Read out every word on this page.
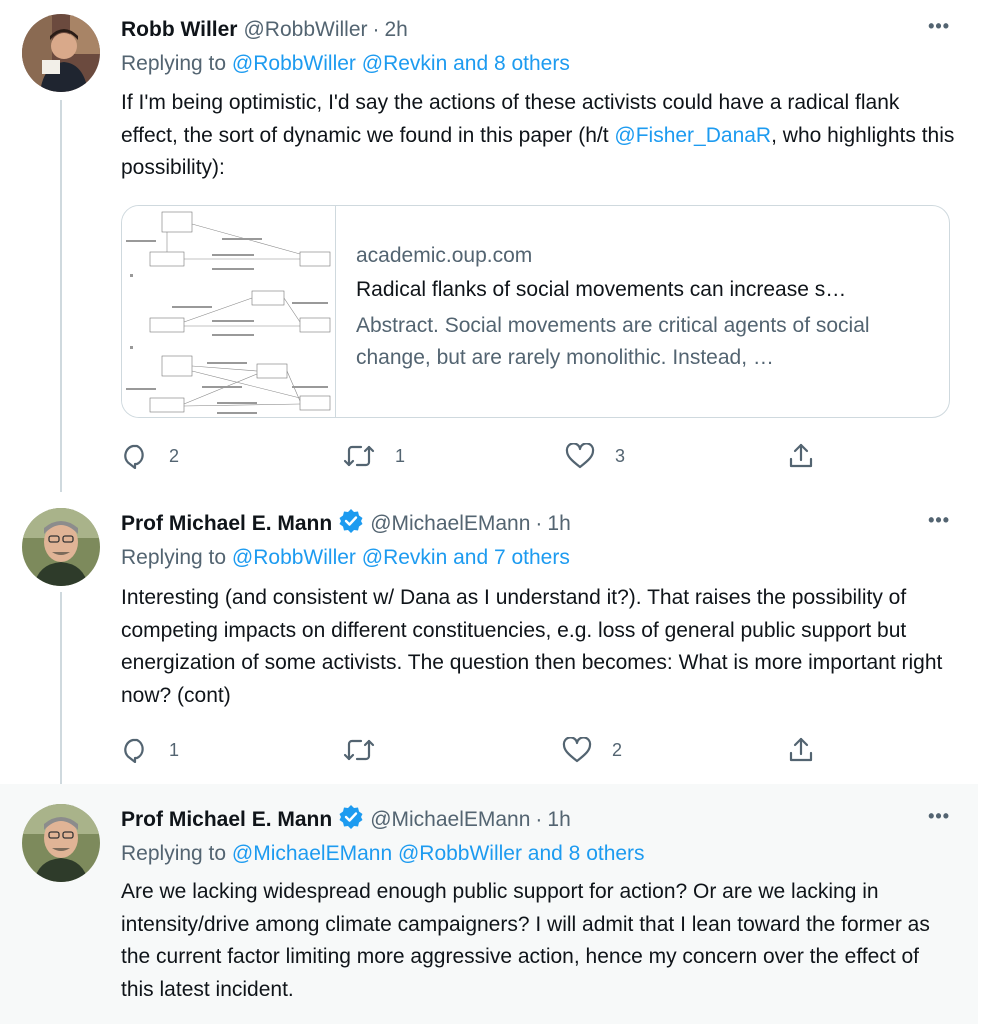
Robb Willer @RobbWiller · 2h	•••
Replying to @RobbWiller @Revkin and 8 others
If I'm being optimistic, I'd say the actions of these activists could have a radical flank effect, the sort of dynamic we found in this paper (h/t @Fisher_DanaR, who highlights this possibility):
academic.oup.com
Radical flanks of social movements can increase s…
Abstract. Social movements are critical agents of social change, but are rarely monolithic. Instead, …
2	1	3
Prof Michael E. Mann @MichaelEMann · 1h	•••
Replying to @RobbWiller @Revkin and 7 others
Interesting (and consistent w/ Dana as I understand it?). That raises the possibility of competing impacts on different constituencies, e.g. loss of general public support but energization of some activists. The question then becomes: What is more important right now? (cont)
1	2
Prof Michael E. Mann @MichaelEMann · 1h	•••
Replying to @MichaelEMann @RobbWiller and 8 others
Are we lacking widespread enough public support for action? Or are we lacking in intensity/drive among climate campaigners? I will admit that I lean toward the former as the current factor limiting more aggressive action, hence my concern over the effect of this latest incident.
